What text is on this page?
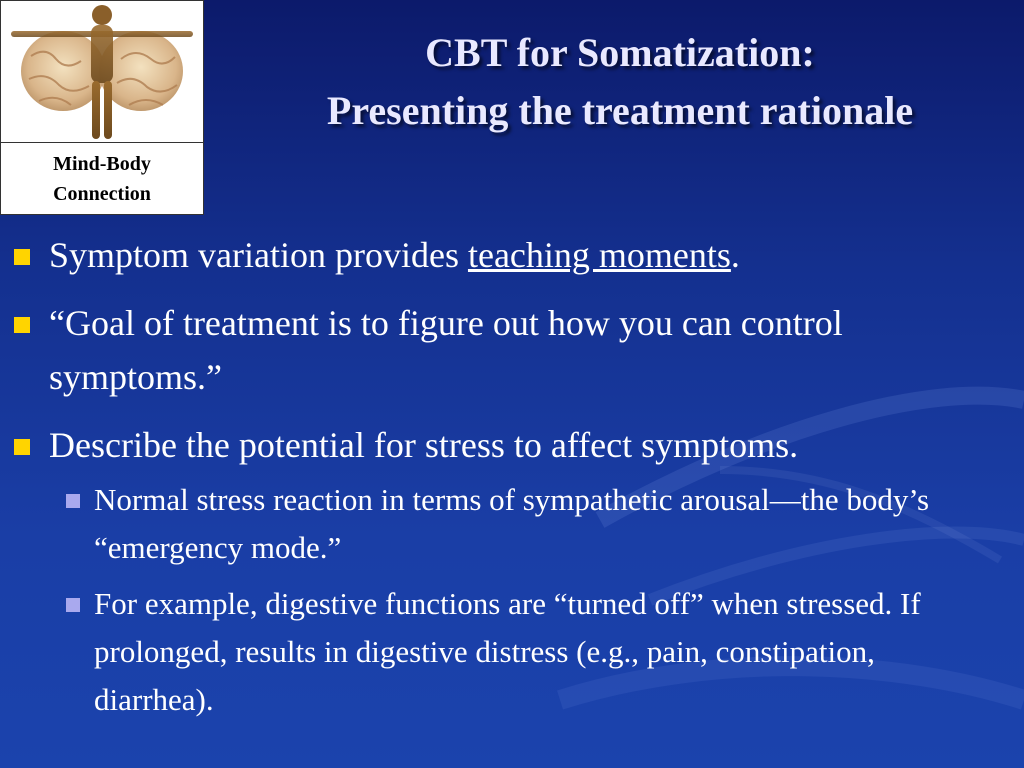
Mind-Body
Connection
CBT for Somatization:
Presenting the treatment rationale
Symptom variation provides teaching moments.
“Goal of treatment is to figure out how you can control symptoms.”
Describe the potential for stress to affect symptoms.
Normal stress reaction in terms of sympathetic arousal—the body’s “emergency mode.”
For example, digestive functions are “turned off” when stressed. If prolonged, results in digestive distress (e.g., pain, constipation, diarrhea).
